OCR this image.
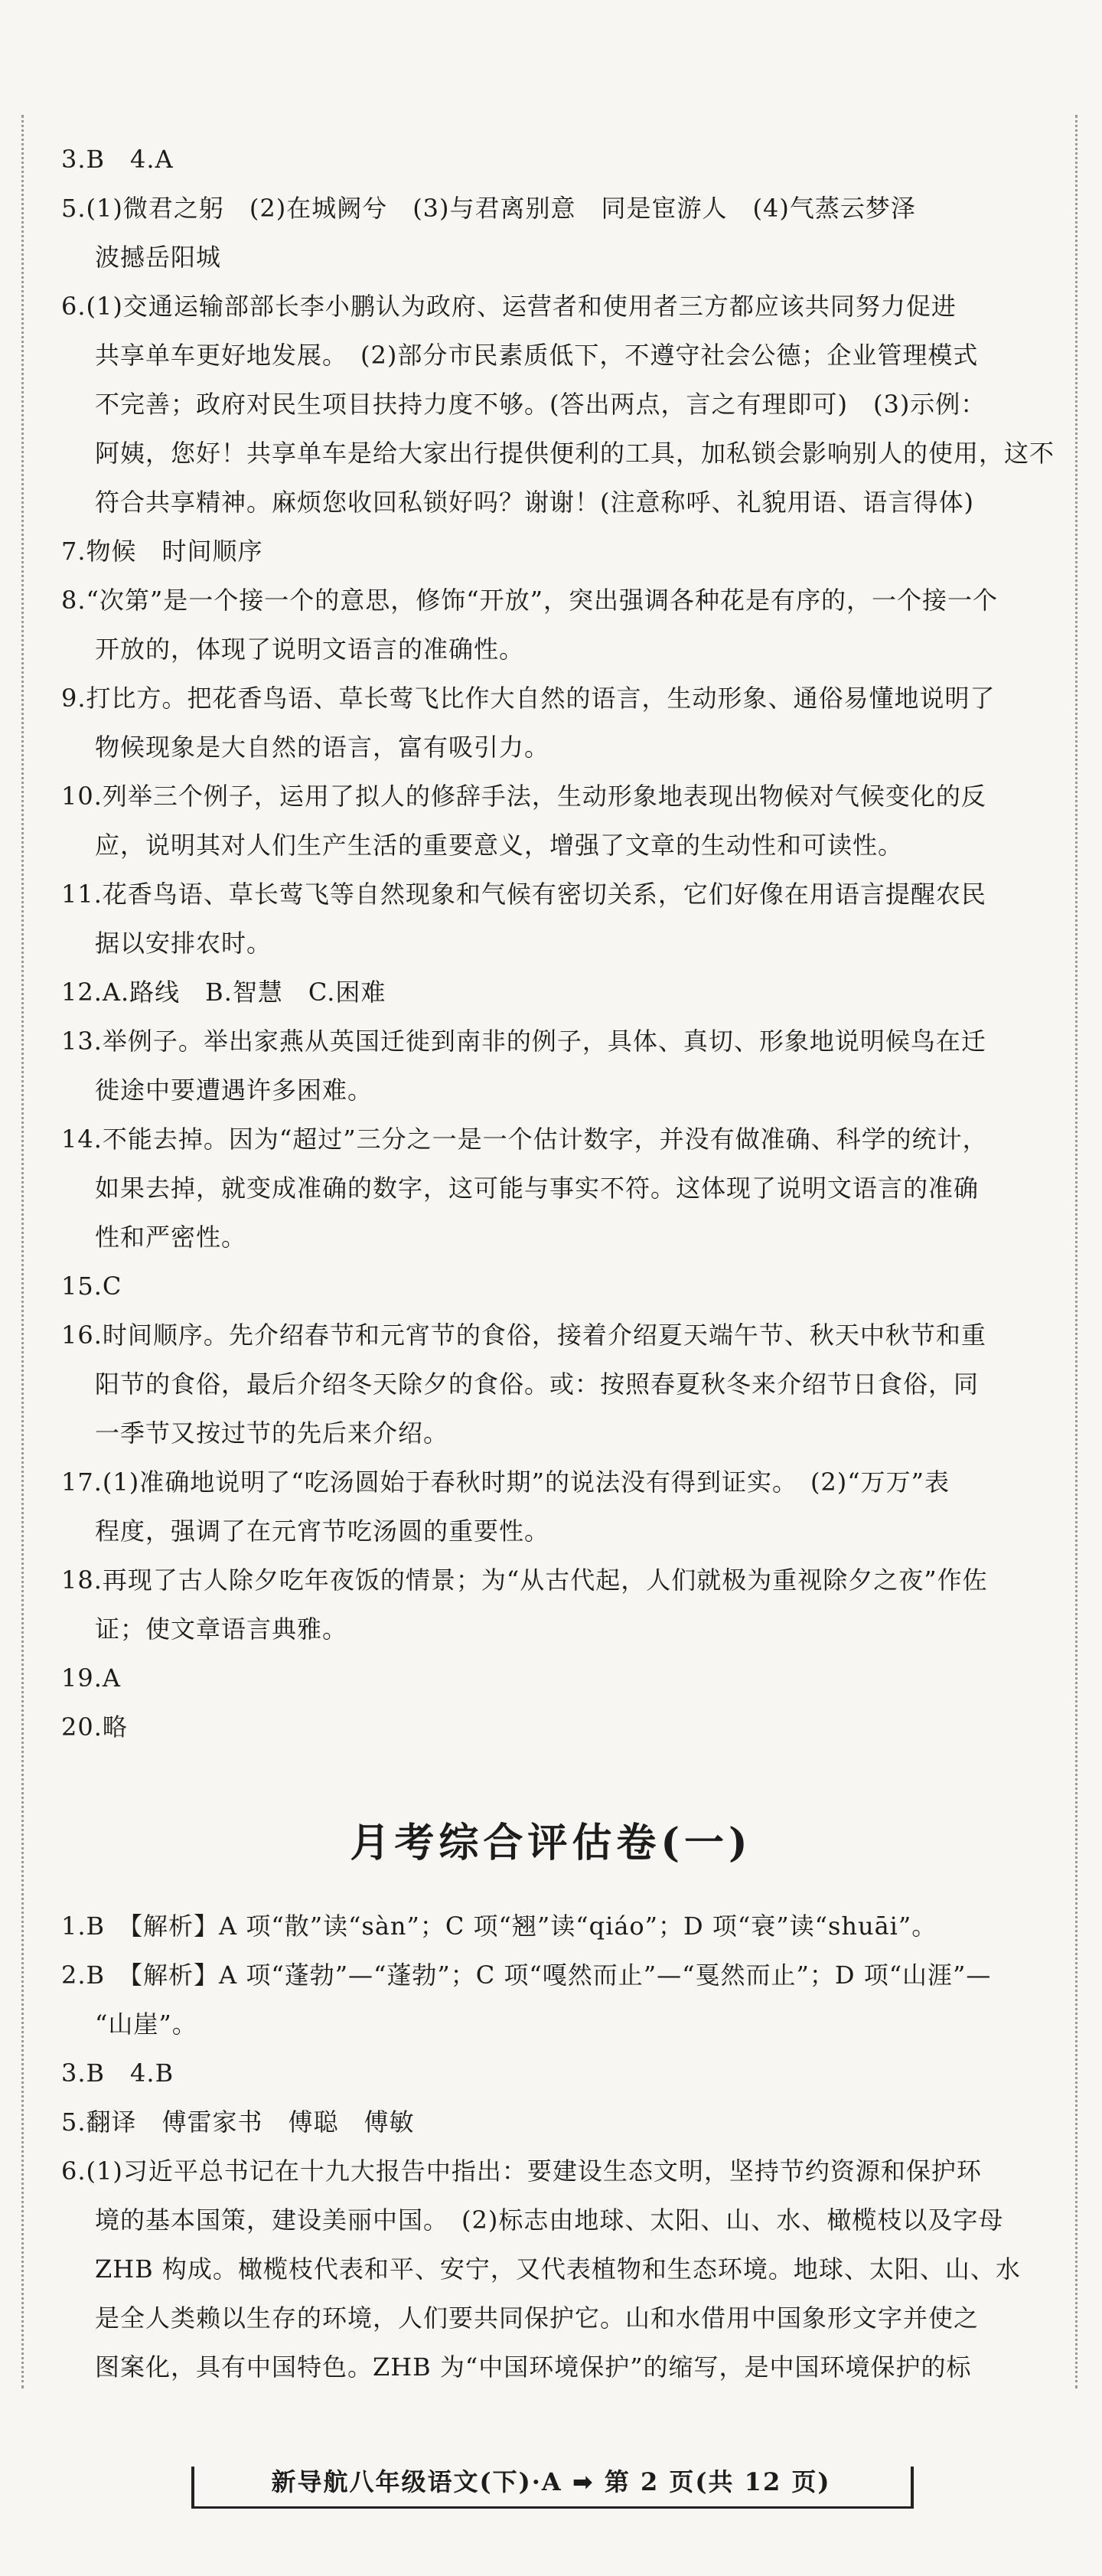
3.B　4.A
5.(1)微君之躬　(2)在城阙兮　(3)与君离别意　同是宦游人　(4)气蒸云梦泽
波撼岳阳城
6.(1)交通运输部部长李小鹏认为政府、运营者和使用者三方都应该共同努力促进
共享单车更好地发展。　(2)部分市民素质低下，不遵守社会公德；企业管理模式
不完善；政府对民生项目扶持力度不够。(答出两点，言之有理即可)　(3)示例：
阿姨，您好！共享单车是给大家出行提供便利的工具，加私锁会影响别人的使用，这不
符合共享精神。麻烦您收回私锁好吗？谢谢！(注意称呼、礼貌用语、语言得体)
7.物候　时间顺序
8.“次第”是一个接一个的意思，修饰“开放”，突出强调各种花是有序的，一个接一个
开放的，体现了说明文语言的准确性。
9.打比方。把花香鸟语、草长莺飞比作大自然的语言，生动形象、通俗易懂地说明了
物候现象是大自然的语言，富有吸引力。
10.列举三个例子，运用了拟人的修辞手法，生动形象地表现出物候对气候变化的反
应，说明其对人们生产生活的重要意义，增强了文章的生动性和可读性。
11.花香鸟语、草长莺飞等自然现象和气候有密切关系，它们好像在用语言提醒农民
据以安排农时。
12.A.路线　B.智慧　C.困难
13.举例子。举出家燕从英国迁徙到南非的例子，具体、真切、形象地说明候鸟在迁
徙途中要遭遇许多困难。
14.不能去掉。因为“超过”三分之一是一个估计数字，并没有做准确、科学的统计，
如果去掉，就变成准确的数字，这可能与事实不符。这体现了说明文语言的准确
性和严密性。
15.C
16.时间顺序。先介绍春节和元宵节的食俗，接着介绍夏天端午节、秋天中秋节和重
阳节的食俗，最后介绍冬天除夕的食俗。或：按照春夏秋冬来介绍节日食俗，同
一季节又按过节的先后来介绍。
17.(1)准确地说明了“吃汤圆始于春秋时期”的说法没有得到证实。　(2)“万万”表
程度，强调了在元宵节吃汤圆的重要性。
18.再现了古人除夕吃年夜饭的情景；为“从古代起，人们就极为重视除夕之夜”作佐
证；使文章语言典雅。
19.A
20.略
月考综合评估卷(一)
1.B　【解析】A 项“散”读“sàn”；C 项“翘”读“qiáo”；D 项“衰”读“shuāi”。
2.B　【解析】A 项“蓬勃”—“蓬勃”；C 项“嘎然而止”—“戛然而止”；D 项“山涯”—
“山崖”。
3.B　4.B
5.翻译　傅雷家书　傅聪　傅敏
6.(1)习近平总书记在十九大报告中指出：要建设生态文明，坚持节约资源和保护环
境的基本国策，建设美丽中国。　(2)标志由地球、太阳、山、水、橄榄枝以及字母
ZHB 构成。橄榄枝代表和平、安宁，又代表植物和生态环境。地球、太阳、山、水
是全人类赖以生存的环境，人们要共同保护它。山和水借用中国象形文字并使之
图案化，具有中国特色。ZHB 为“中国环境保护”的缩写，是中国环境保护的标
新导航八年级语文(下)·A ➡ 第 2 页(共 12 页)
